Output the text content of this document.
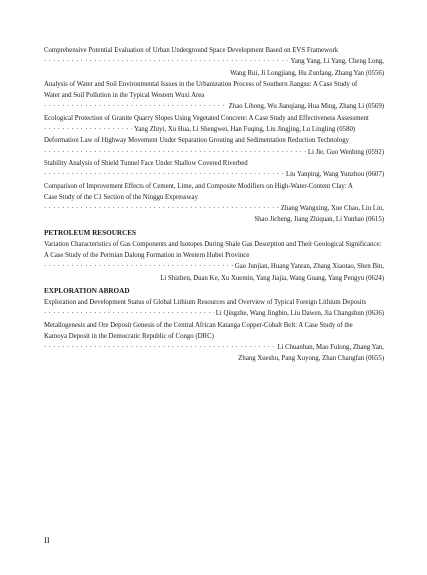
Comprehensive Potential Evaluation of Urban Underground Space Development Based on EVS Framework
· · ·
Yang Yang, Li Yang, Cheng Long,
Wang Rui, Ji Longjiang, Hu Zunfang, Zhang Yan (0556)
Analysis of Water and Soil Environmental Issues in the Urbanization Process of Southern Jiangsu: A Case Study of
Water and Soil Pollution in the Typical Western Wuxi Area
· · ·
Zhao Lihong, Wu Jianqiang, Hua Ming, Zhang Li (0569)
Ecological Protection of Granite Quarry Slopes Using Vegetated Concrete: A Case Study and Effectiveness Assessment
· · ·
Yang Zhiyi, Xu Hua, Li Shengwei, Han Fuqing, Liu Jingjing, Lu Lingling (0580)
Deformation Law of Highway Movement Under Separation Grouting and Sedimentation Reduction Technology
· · ·
Li Jie, Guo Wenbing (0592)
Stability Analysis of Shield Tunnel Face Under Shallow Covered Riverbed
· · ·
Liu Yanping, Wang Yunzhou (0607)
Comparison of Improvement Effects of Cement, Lime, and Composite Modifiers on High-Water-Content Clay: A
Case Study of the C1 Section of the Ninggu Expressway
· · ·
Zhang Wangxing, Xue Chao, Liu Lin,
Shao Jicheng, Jiang Zhiquan, Li Yunhao (0615)
PETROLEUM RESOURCES
Variation Characteristics of Gas Components and Isotopes During Shale Gas Desorption and Their Geological Significance:
A Case Study of the Permian Dalong Formation in Western Hubei Province
· · ·
Gao Junjian, Huang Yanran, Zhang Xiaotao, Shen Bin,
Li Shizhen, Duan Ke, Xu Xuemin, Yang Jiajia, Wang Guang, Yang Pengyu (0624)
EXPLORATION ABROAD
Exploration and Development Status of Global Lithium Resources and Overview of Typical Foreign Lithium Deposits
· · ·
Li Qingzhe, Wang Jingbin, Liu Dawen, Jia Changshun (0636)
Metallogenesis and Ore Deposit Genesis of the Central African Katanga Copper-Cobalt Belt: A Case Study of the
Kamoya Deposit in the Democratic Republic of Congo (DRC)
· · ·
Li Chuanban, Mao Fulong, Zhang Yan,
Zhang Xueshu, Pang Xuyong, Zhan Changfan (0655)
II
